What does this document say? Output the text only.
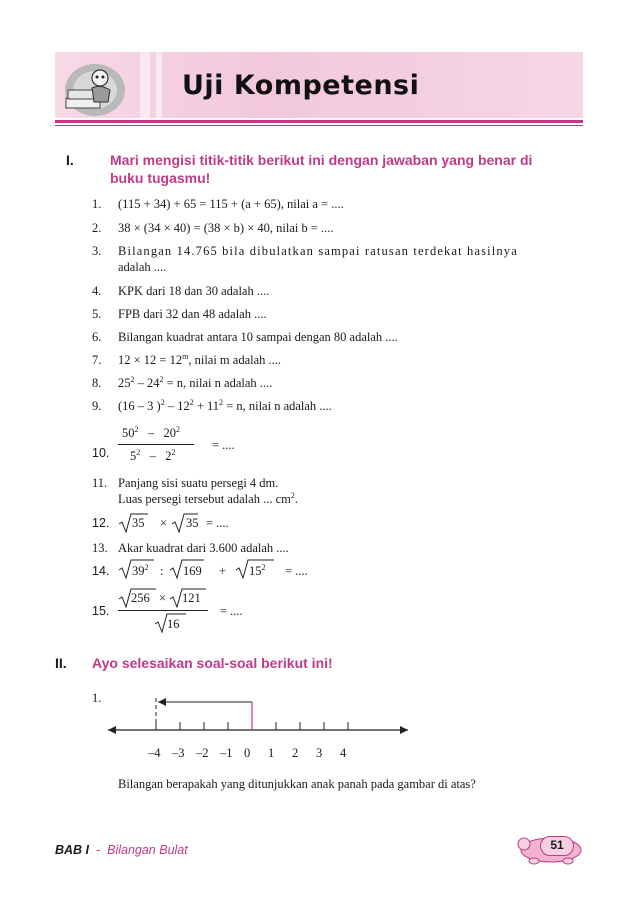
Uji Kompetensi
I.	Mari mengisi titik-titik berikut ini dengan jawaban yang benar di
buku tugasmu!
1. (115 + 34) + 65 = 115 + (a + 65), nilai a = ....
2. 38 × (34 × 40) = (38 × b) × 40, nilai b = ....
3. Bilangan 14.765 bila dibulatkan sampai ratusan terdekat hasilnya
adalah ....
4. KPK dari 18 dan 30 adalah ....
5. FPB dari 32 dan 48 adalah ....
6. Bilangan kuadrat antara 10 sampai dengan 80 adalah ....
7. $12 \times 12 = 12^m$, nilai m adalah ....
8. $25^2 - 24^2 = n$, nilai n adalah ....
9. (16 – 3 )$^2 - 12^2 + 11^2 = n$, nilai n adalah ....
10.
$50^2 - 20^2$
$5^2 - 2^2$
= ....
11. Panjang sisi suatu persegi 4 dm.
Luas persegi tersebut adalah ... $cm^2$.
12. 35 × 35 = ....
13. Akar kuadrat dari 3.600 adalah ....
14. $39^2$ : $169 + 15^2$ = ....
15.
256 × 121
16
= ....
II. Ayo selesaikan soal-soal berikut ini!
1.
–4 –3 –2 –1 0 1 2 3 4
Bilangan berapakah yang ditunjukkan anak panah pada gambar di atas?
BAB I - Bilangan Bulat	51
